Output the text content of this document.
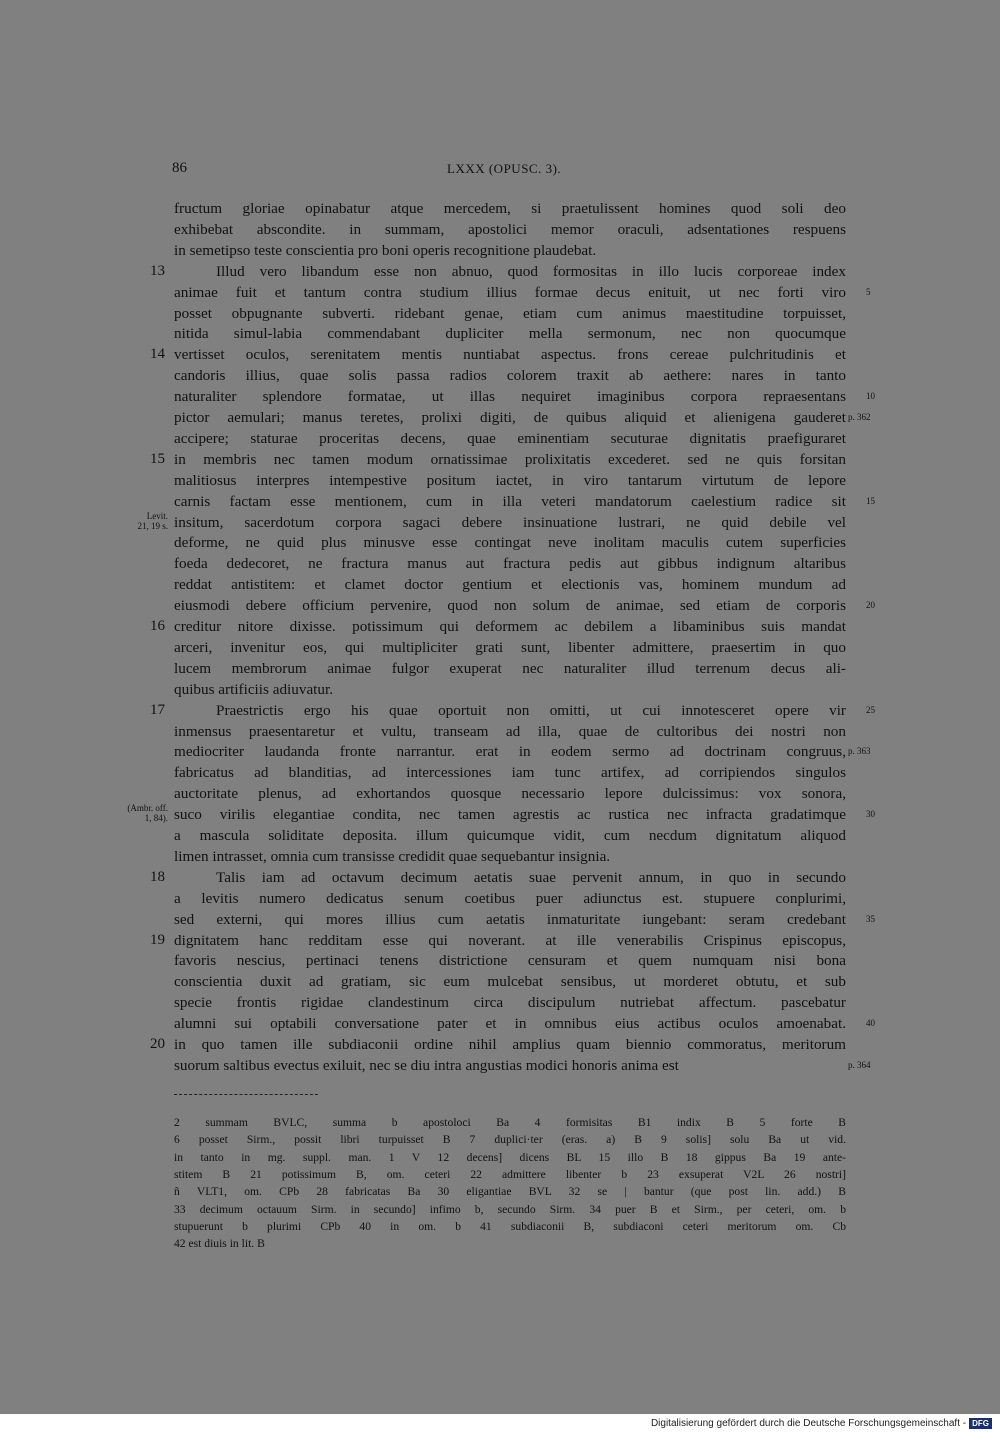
86	LXXX (OPUSC. 3).
fructum gloriae opinabatur atque mercedem, si praetulissent homines quod soli deo
exhibebat abscondite. in summam, apostolici memor oraculi, adsentationes respuens
in semetipso teste conscientia pro boni operis recognitione plaudebat.
Illud vero libandum esse non abnuo, quod formositas in illo lucis corporeae index
animae fuit et tantum contra studium illius formae decus enituit, ut nec forti viro
posset obpugnante subverti. ridebant genae, etiam cum animus maestitudine torpuisset,
nitida simul-labia commendabant dupliciter mella sermonum, nec non quocumque
vertisset oculos, serenitatem mentis nuntiabat aspectus. frons cereae pulchritudinis et
candoris illius, quae solis passa radios colorem traxit ab aethere: nares in tanto
naturaliter splendore formatae, ut illas nequiret imaginibus corpora repraesentans
pictor aemulari; manus teretes, prolixi digiti, de quibus aliquid et alienigena gauderet
accipere; staturae proceritas decens, quae eminentiam secuturae dignitatis praefiguraret
in membris nec tamen modum ornatissimae prolixitatis excederet. sed ne quis forsitan
malitiosus interpres intempestive positum iactet, in viro tantarum virtutum de lepore
carnis factam esse mentionem, cum in illa veteri mandatorum caelestium radice sit
insitum, sacerdotum corpora sagaci debere insinuatione lustrari, ne quid debile vel
deforme, ne quid plus minusve esse contingat neve inolitam maculis cutem superficies
foeda dedecoret, ne fractura manus aut fractura pedis aut gibbus indignum altaribus
reddat antistitem: et clamet doctor gentium et electionis vas, hominem mundum ad
eiusmodi debere officium pervenire, quod non solum de animae, sed etiam de corporis
creditur nitore dixisse. potissimum qui deformem ac debilem a libaminibus suis mandat
arceri, invenitur eos, qui multipliciter grati sunt, libenter admittere, praesertim in quo
lucem membrorum animae fulgor exuperat nec naturaliter illud terrenum decus ali-
quibus artificiis adiuvatur.
Praestrictis ergo his quae oportuit non omitti, ut cui innotesceret opere vir
inmensus praesentaretur et vultu, transeam ad illa, quae de cultoribus dei nostri non
mediocriter laudanda fronte narrantur. erat in eodem sermo ad doctrinam congruus,
fabricatus ad blanditias, ad intercessiones iam tunc artifex, ad corripiendos singulos
auctoritate plenus, ad exhortandos quosque necessario lepore dulcissimus: vox sonora,
suco virilis elegantiae condita, nec tamen agrestis ac rustica nec infracta gradatimque
a mascula soliditate deposita. illum quicumque vidit, cum necdum dignitatum aliquod
limen intrasset, omnia cum transisse credidit quae sequebantur insignia.
Talis iam ad octavum decimum aetatis suae pervenit annum, in quo in secundo
a levitis numero dedicatus senum coetibus puer adiunctus est. stupuere conplurimi,
sed externi, qui mores illius cum aetatis inmaturitate iungebant: seram credebant
dignitatem hanc redditam esse qui noverant. at ille venerabilis Crispinus episcopus,
favoris nescius, pertinaci tenens districtione censuram et quem numquam nisi bona
conscientia duxit ad gratiam, sic eum mulcebat sensibus, ut morderet obtutu, et sub
specie frontis rigidae clandestinum circa discipulum nutriebat affectum. pascebatur
alumni sui optabili conversatione pater et in omnibus eius actibus oculos amoenabat.
in quo tamen ille subdiaconii ordine nihil amplius quam biennio commoratus, meritorum
suorum saltibus evectus exiluit, nec se diu intra angustias modici honoris anima est
13
14
15
16
17
18
19
20
5
10
15
20
25
30
35
40
p. 362
p. 363
p. 364
Levit.
21, 19 s.
(Ambr. off.
1, 84).
2 summam BVLC, summa b apostoloci Ba 4 formisitas B1 indix B 5 forte B
6 posset Sirm., possit libri turpuisset B 7 duplici·ter (eras. a) B 9 solis] solu Ba ut vid.
in tanto in mg. suppl. man. 1 V 12 decens] dicens BL 15 illo B 18 gippus Ba 19 ante-
stitem B 21 potissimum B, om. ceteri 22 admittere libenter b 23 exsuperat V2L 26 nostri]
ñ VLT1, om. CPb 28 fabricatas Ba 30 eligantiae BVL 32 se | bantur (que post lin. add.) B
33 decimum octauum Sirm. in secundo] infimo b, secundo Sirm. 34 puer B et Sirm., per ceteri, om. b
stupuerunt b plurimi CPb 40 in om. b 41 subdiaconii B, subdiaconi ceteri meritorum om. Cb
42 est diuis in lit. B
Digitalisierung gefördert durch die Deutsche Forschungsgemeinschaft - DFG
